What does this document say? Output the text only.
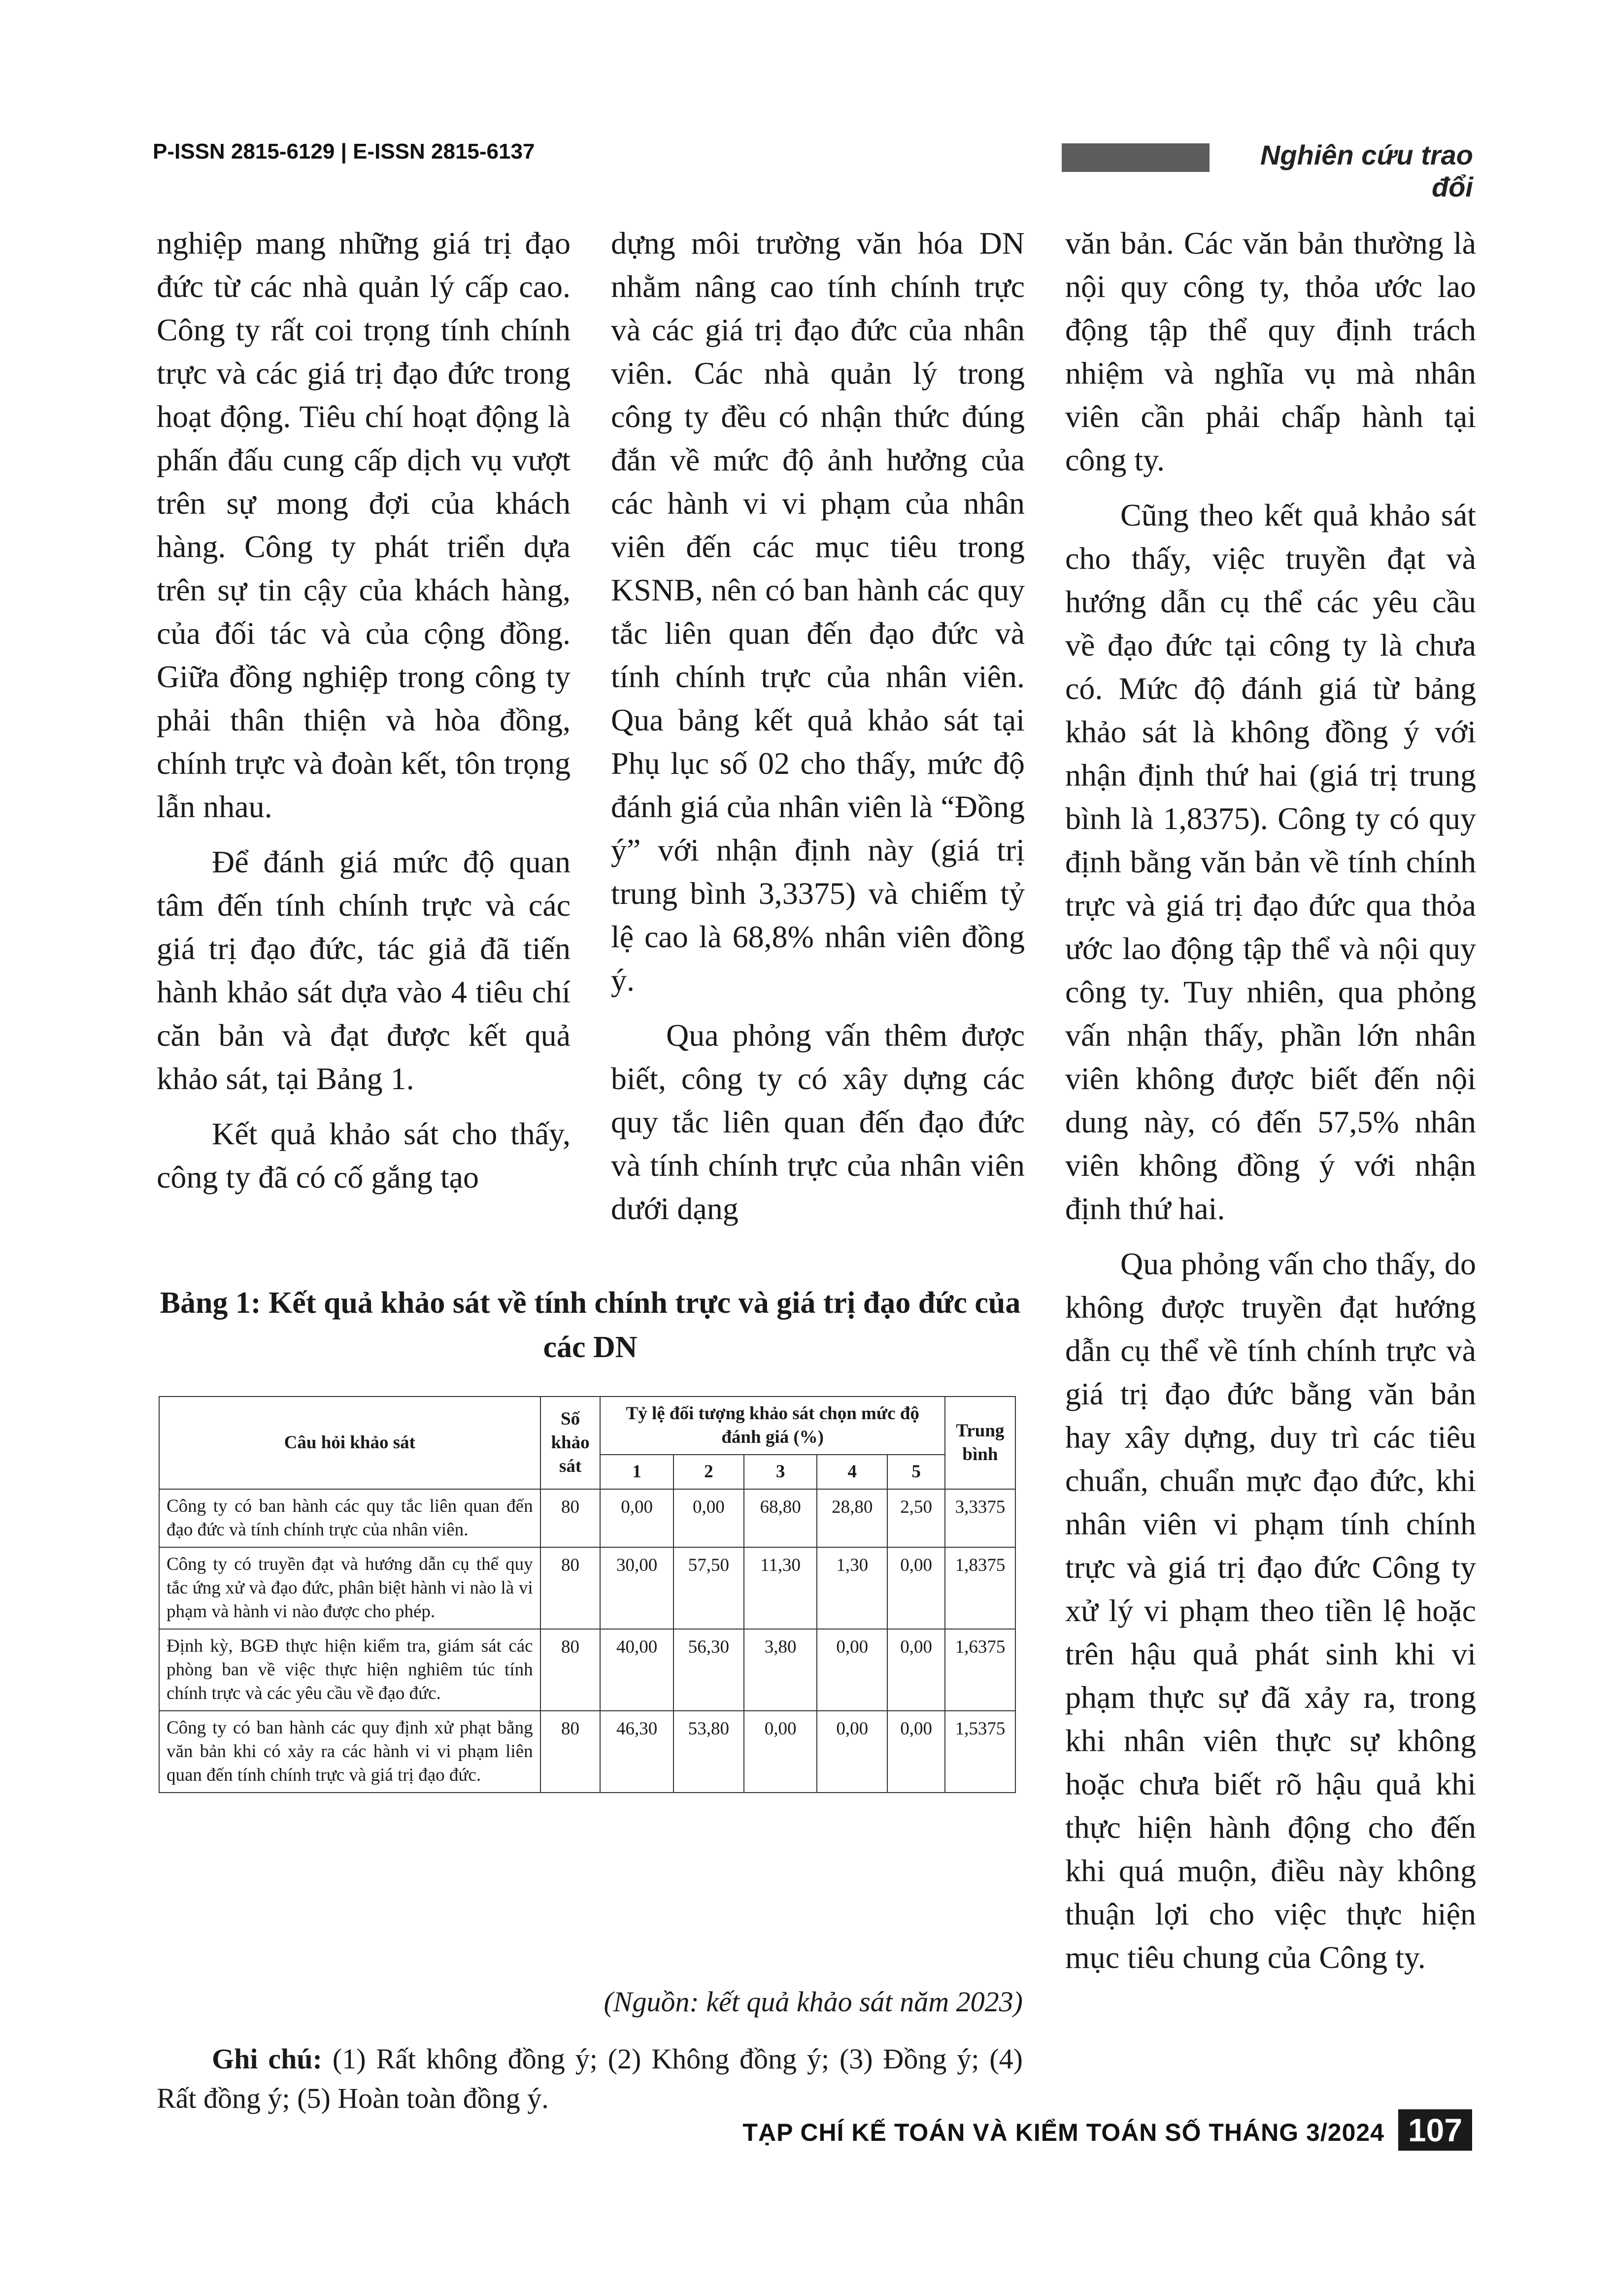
P-ISSN 2815-6129 | E-ISSN 2815-6137	Nghiên cứu trao đổi

nghiệp mang những giá trị đạo đức từ các nhà quản lý cấp cao. Công ty rất coi trọng tính chính trực và các giá trị đạo đức trong hoạt động. Tiêu chí hoạt động là phấn đấu cung cấp dịch vụ vượt trên sự mong đợi của khách hàng. Công ty phát triển dựa trên sự tin cậy của khách hàng, của đối tác và của cộng đồng. Giữa đồng nghiệp trong công ty phải thân thiện và hòa đồng, chính trực và đoàn kết, tôn trọng lẫn nhau.

Để đánh giá mức độ quan tâm đến tính chính trực và các giá trị đạo đức, tác giả đã tiến hành khảo sát dựa vào 4 tiêu chí căn bản và đạt được kết quả khảo sát, tại Bảng 1.

Kết quả khảo sát cho thấy, công ty đã có cố gắng tạo

dựng môi trường văn hóa DN nhằm nâng cao tính chính trực và các giá trị đạo đức của nhân viên. Các nhà quản lý trong công ty đều có nhận thức đúng đắn về mức độ ảnh hưởng của các hành vi vi phạm của nhân viên đến các mục tiêu trong KSNB, nên có ban hành các quy tắc liên quan đến đạo đức và tính chính trực của nhân viên. Qua bảng kết quả khảo sát tại Phụ lục số 02 cho thấy, mức độ đánh giá của nhân viên là “Đồng ý” với nhận định này (giá trị trung bình 3,3375) và chiếm tỷ lệ cao là 68,8% nhân viên đồng ý.

Qua phỏng vấn thêm được biết, công ty có xây dựng các quy tắc liên quan đến đạo đức và tính chính trực của nhân viên dưới dạng

văn bản. Các văn bản thường là nội quy công ty, thỏa ước lao động tập thể quy định trách nhiệm và nghĩa vụ mà nhân viên cần phải chấp hành tại công ty.

Cũng theo kết quả khảo sát cho thấy, việc truyền đạt và hướng dẫn cụ thể các yêu cầu về đạo đức tại công ty là chưa có. Mức độ đánh giá từ bảng khảo sát là không đồng ý với nhận định thứ hai (giá trị trung bình là 1,8375). Công ty có quy định bằng văn bản về tính chính trực và giá trị đạo đức qua thỏa ước lao động tập thể và nội quy công ty. Tuy nhiên, qua phỏng vấn nhận thấy, phần lớn nhân viên không được biết đến nội dung này, có đến 57,5% nhân viên không đồng ý với nhận định thứ hai.

Qua phỏng vấn cho thấy, do không được truyền đạt hướng dẫn cụ thể về tính chính trực và giá trị đạo đức bằng văn bản hay xây dựng, duy trì các tiêu chuẩn, chuẩn mực đạo đức, khi nhân viên vi phạm tính chính trực và giá trị đạo đức Công ty xử lý vi phạm theo tiền lệ hoặc trên hậu quả phát sinh khi vi phạm thực sự đã xảy ra, trong khi nhân viên thực sự không hoặc chưa biết rõ hậu quả khi thực hiện hành động cho đến khi quá muộn, điều này không thuận lợi cho việc thực hiện mục tiêu chung của Công ty.

Bảng 1: Kết quả khảo sát về tính chính trực và giá trị đạo đức của các DN
Câu hỏi khảo sát	Số khảo sát	Tỷ lệ đối tượng khảo sát chọn mức độ đánh giá (%)					Trung bình
		1	2	3	4	5	
Công ty có ban hành các quy tắc liên quan đến đạo đức và tính chính trực của nhân viên.	80	0,00	0,00	68,80	28,80	2,50	3,3375
Công ty có truyền đạt và hướng dẫn cụ thể quy tắc ứng xử và đạo đức, phân biệt hành vi nào là vi phạm và hành vi nào được cho phép.	80	30,00	57,50	11,30	1,30	0,00	1,8375
Định kỳ, BGĐ thực hiện kiểm tra, giám sát các phòng ban về việc thực hiện nghiêm túc tính chính trực và các yêu cầu về đạo đức.	80	40,00	56,30	3,80	0,00	0,00	1,6375
Công ty có ban hành các quy định xử phạt bằng văn bản khi có xảy ra các hành vi vi phạm liên quan đến tính chính trực và giá trị đạo đức.	80	46,30	53,80	0,00	0,00	0,00	1,5375
(Nguồn: kết quả khảo sát năm 2023)
Ghi chú: (1) Rất không đồng ý; (2) Không đồng ý; (3) Đồng ý; (4) Rất đồng ý; (5) Hoàn toàn đồng ý.
TẠP CHÍ KẾ TOÁN VÀ KIỂM TOÁN SỐ THÁNG 3/2024 107
